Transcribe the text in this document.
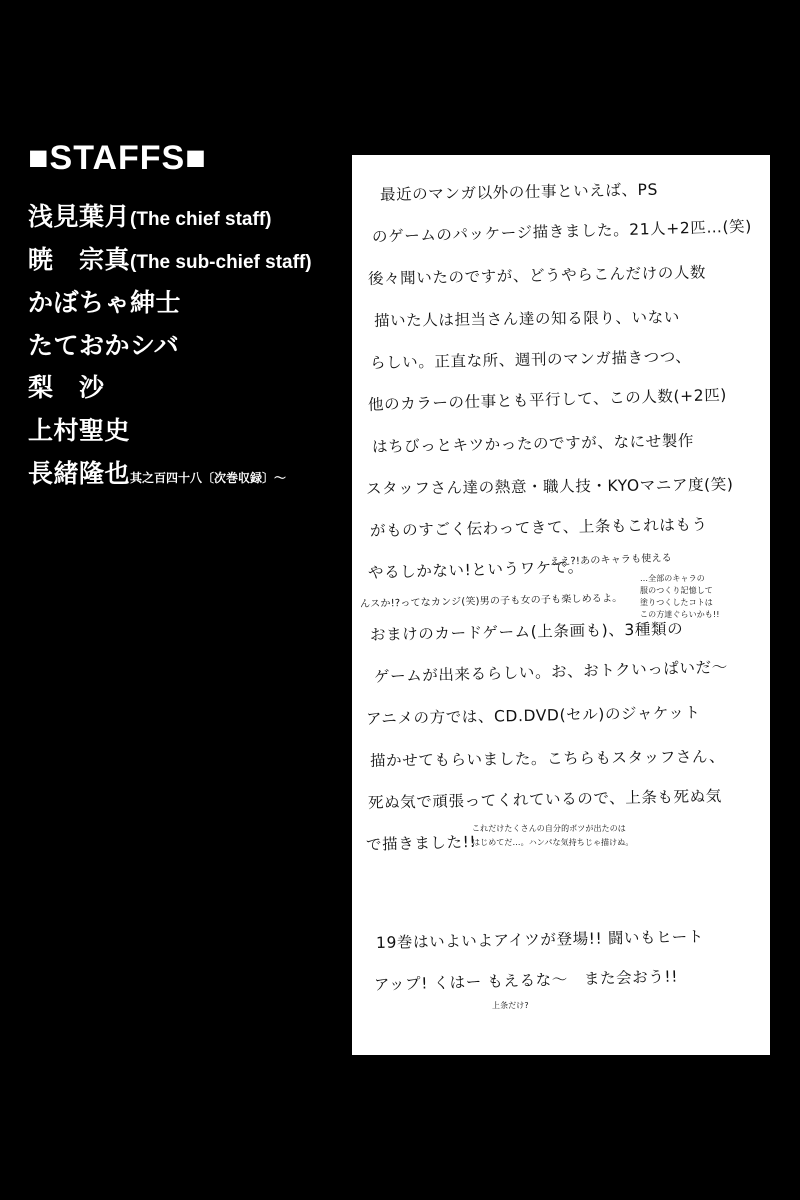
■STAFFS■
浅見葉月(The chief staff)
暁　宗真(The sub-chief staff)
かぼちゃ紳士
たておかシバ
梨　沙
上村聖史
長緒隆也其之百四十八〔次巻収録〕～
最近のマンガ以外の仕事といえば、PS
のゲームのパッケージ描きました。21人+2匹…(笑)
後々聞いたのですが、どうやらこんだけの人数
描いた人は担当さん達の知る限り、いない
らしい。正直な所、週刊のマンガ描きつつ、
他のカラーの仕事とも平行して、この人数(+2匹)
はちびっとキツかったのですが、なにせ製作
スタッフさん達の熱意・職人技・KYOマニア度(笑)
がものすごく伝わってきて、上条もこれはもう
やるしかない!というワケで。
ええ?!あのキャラも使える
…全部のキャラの
服のつくり記憶して
塗りつくしたコトは
この方達ぐらいかも!!
んスか!?ってなカンジ(笑)男の子も女の子も楽しめるよ。
おまけのカードゲーム(上条画も)、3種類の
ゲームが出来るらしい。お、おトクいっぱいだ～
アニメの方では、CD.DVD(セル)のジャケット
描かせてもらいました。こちらもスタッフさん、
死ぬ気で頑張ってくれているので、上条も死ぬ気
で描きました!!
これだけたくさんの自分的ボツが出たのは
はじめてだ…。ハンパな気持ちじゃ描けぬ。
19巻はいよいよアイツが登場!! 闘いもヒート
アップ! くはー もえるな～　また会おう!!
上条だけ?
